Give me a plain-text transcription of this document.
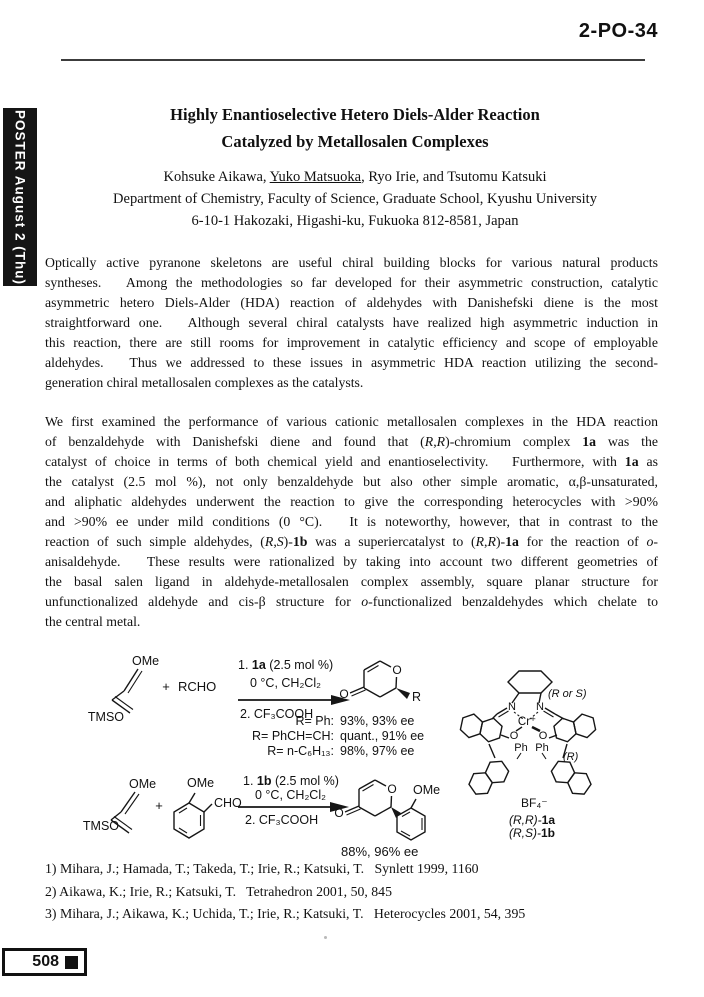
2-PO-34
POSTER August 2 (Thu)	Highly Enantioselective Hetero Diels-Alder Reaction
Catalyzed by Metallosalen Complexes
Kohsuke Aikawa, Yuko Matsuoka, Ryo Irie, and Tsutomu Katsuki
Department of Chemistry, Faculty of Science, Graduate School, Kyushu University
6-10-1 Hakozaki, Higashi-ku, Fukuoka 812-8581, Japan
Optically active pyranone skeletons are useful chiral building blocks for various natural products
syntheses.   Among the methodologies so far developed for their asymmetric construction, catalytic
asymmetric hetero Diels-Alder (HDA) reaction of aldehydes with Danishefski diene is the most
straightforward one.   Although several chiral catalysts have realized high asymmetric induction in
this reaction, there are still rooms for improvement in catalytic efficiency and scope of employable
aldehydes.   Thus we addressed to these issues in asymmetric HDA reaction utilizing the second-
generation chiral metallosalen complexes as the catalysts.
We first examined the performance of various cationic metallosalen complexes in the HDA reaction
of benzaldehyde with Danishefski diene and found that (R,R)-chromium complex 1a was the
catalyst of choice in terms of both chemical yield and enantioselectivity.   Furthermore, with 1a as
the catalyst (2.5 mol %), not only benzaldehyde but also other simple aromatic, α,β-unsaturated,
and aliphatic aldehydes underwent the reaction to give the corresponding heterocycles with >90%
and >90% ee under mild conditions (0 °C).   It is noteworthy, however, that in contrast to the
reaction of such simple aldehydes, (R,S)-1b was a superiercatalyst to (R,R)-1a for the reaction of o-
anisaldehyde.   These results were rationalized by taking into account two different geometries of
the basal salen ligand in aldehyde-metallosalen complex assembly, square planar structure for
unfunctionalized aldehyde and cis-β structure for o-functionalized benzaldehydes which chelate to
the central metal.
OMe
TMSO
+ RCHO
1. 1a (2.5 mol %)
0 °C, CH₂Cl₂
2. CF₃COOH
O
O	R
R= Ph: 93%, 93% ee
R= PhCH=CH: quant., 91% ee
R= n-C₆H₁₃: 98%, 97% ee
(R or S)
N N
Cr⁺
O O
Ph Ph
(R)
BF₄⁻
(R,R)-1a
(R,S)-1b
OMe
TMSO
+
OMe
CHO
1. 1b (2.5 mol %)
0 °C, CH₂Cl₂
2. CF₃COOH
O
O
OMe
88%, 96% ee
1) Mihara, J.; Hamada, T.; Takeda, T.; Irie, R.; Katsuki, T.   Synlett 1999, 1160
2) Aikawa, K.; Irie, R.; Katsuki, T.   Tetrahedron 2001, 50, 845
3) Mihara, J.; Aikawa, K.; Uchida, T.; Irie, R.; Katsuki, T.   Heterocycles 2001, 54, 395
508
